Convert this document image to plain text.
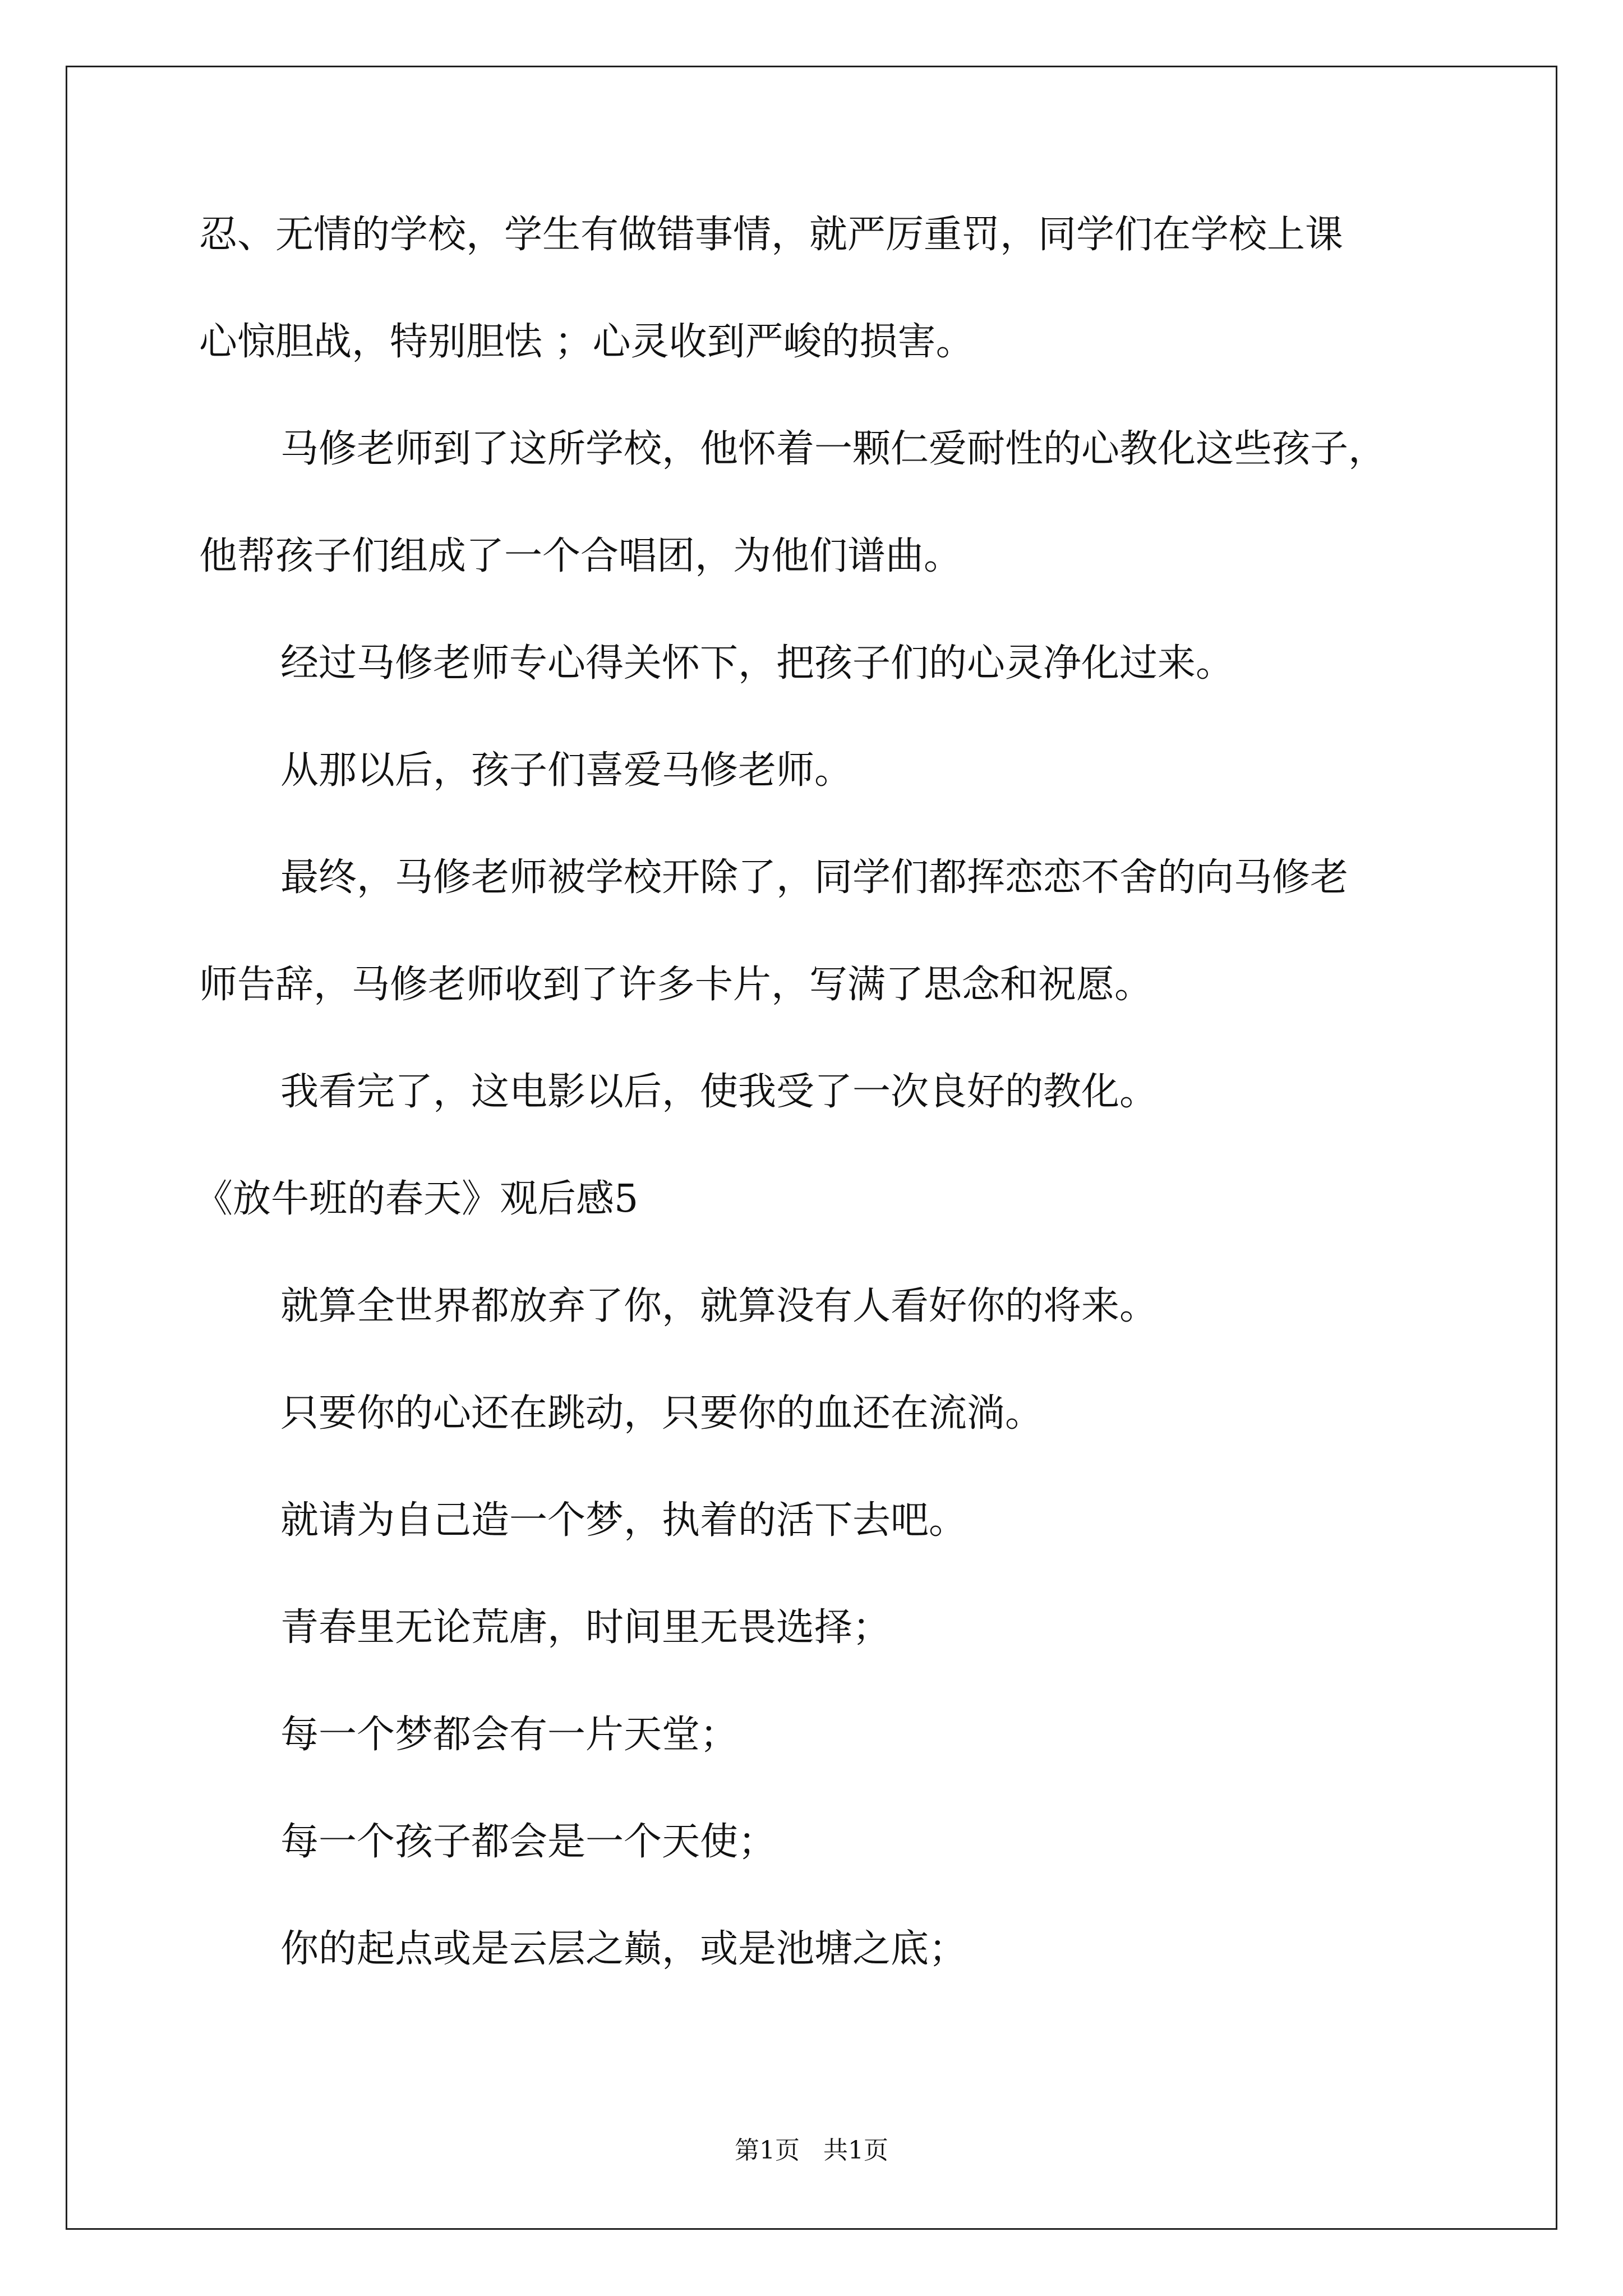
忍、无情的学校，学生有做错事情，就严厉重罚，同学们在学校上课
心惊胆战，特别胆怯 ；心灵收到严峻的损害。
马修老师到了这所学校，他怀着一颗仁爱耐性的心教化这些孩子，
他帮孩子们组成了一个合唱团，为他们谱曲。
经过马修老师专心得关怀下，把孩子们的心灵净化过来。
从那以后，孩子们喜爱马修老师。
最终，马修老师被学校开除了，同学们都挥恋恋不舍的向马修老
师告辞，马修老师收到了许多卡片，写满了思念和祝愿。
我看完了，这电影以后，使我受了一次良好的教化。
《放牛班的春天》观后感5
就算全世界都放弃了你，就算没有人看好你的将来。
只要你的心还在跳动，只要你的血还在流淌。
就请为自己造一个梦，执着的活下去吧。
青春里无论荒唐，时间里无畏选择；
每一个梦都会有一片天堂；
每一个孩子都会是一个天使；
你的起点或是云层之巅，或是池塘之底；
第1页   共1页
